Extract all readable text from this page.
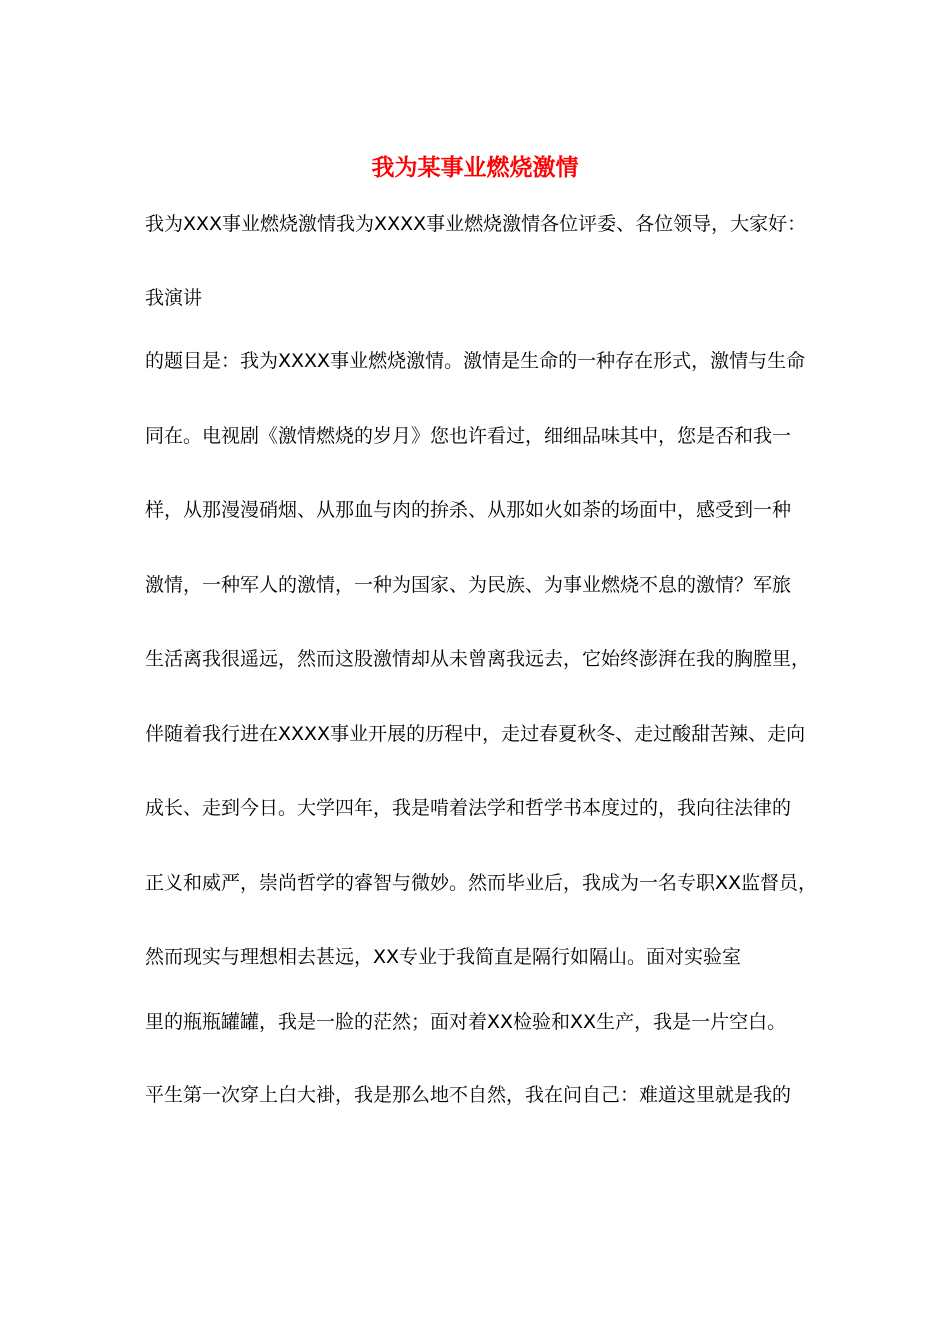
我为某事业燃烧激情
我为XXX事业燃烧激情我为XXXX事业燃烧激情各位评委、各位领导，大家好：
我演讲
的题目是：我为XXXX事业燃烧激情。激情是生命的一种存在形式，激情与生命
同在。电视剧《激情燃烧的岁月》您也许看过，细细品味其中，您是否和我一
样，从那漫漫硝烟、从那血与肉的拚杀、从那如火如荼的场面中，感受到一种
激情，一种军人的激情，一种为国家、为民族、为事业燃烧不息的激情？军旅
生活离我很遥远，然而这股激情却从未曾离我远去，它始终澎湃在我的胸膛里，
伴随着我行进在XXXX事业开展的历程中，走过春夏秋冬、走过酸甜苦辣、走向
成长、走到今日。大学四年，我是啃着法学和哲学书本度过的，我向往法律的
正义和威严，崇尚哲学的睿智与微妙。然而毕业后，我成为一名专职XX监督员，
然而现实与理想相去甚远，XX专业于我简直是隔行如隔山。面对实验室
里的瓶瓶罐罐，我是一脸的茫然；面对着XX检验和XX生产，我是一片空白。
平生第一次穿上白大褂，我是那么地不自然，我在问自己：难道这里就是我的
